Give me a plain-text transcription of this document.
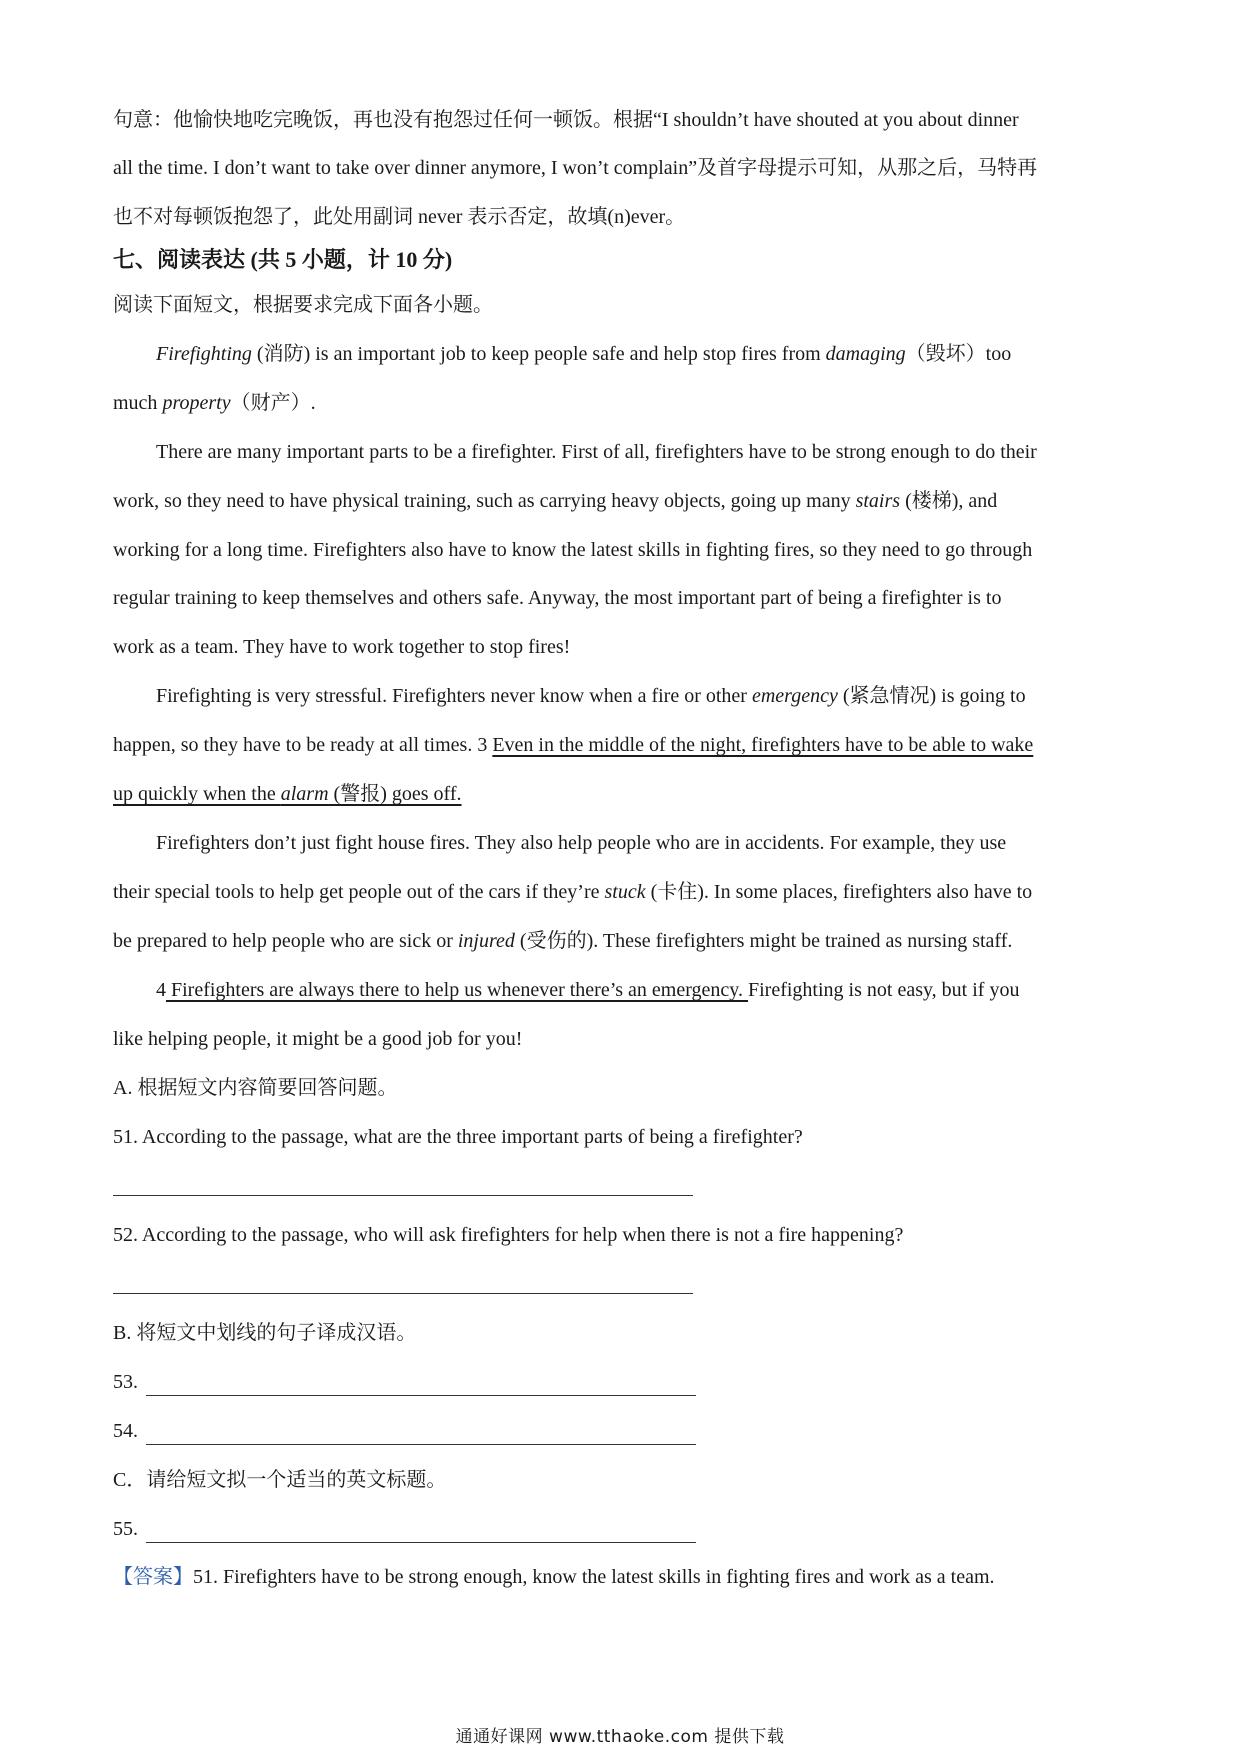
句意：他愉快地吃完晚饭，再也没有抱怨过任何一顿饭。根据“I shouldn’t have shouted at you about dinner
all the time. I don’t want to take over dinner anymore, I won’t complain”及首字母提示可知，从那之后，马特再
也不对每顿饭抱怨了，此处用副词 never 表示否定，故填(n)ever。
七、阅读表达 (共 5 小题，计 10 分)
阅读下面短文，根据要求完成下面各小题。
Firefighting (消防) is an important job to keep people safe and help stop fires from damaging（毁坏）too
much property（财产）.
There are many important parts to be a firefighter. First of all, firefighters have to be strong enough to do their
work, so they need to have physical training, such as carrying heavy objects, going up many stairs (楼梯), and
working for a long time. Firefighters also have to know the latest skills in fighting fires, so they need to go through
regular training to keep themselves and others safe. Anyway, the most important part of being a firefighter is to
work as a team. They have to work together to stop fires!
Firefighting is very stressful. Firefighters never know when a fire or other emergency (紧急情况) is going to
happen, so they have to be ready at all times. 3 Even in the middle of the night, firefighters have to be able to wake
up quickly when the alarm (警报) goes off.
Firefighters don’t just fight house fires. They also help people who are in accidents. For example, they use
their special tools to help get people out of the cars if they’re stuck (卡住). In some places, firefighters also have to
be prepared to help people who are sick or injured (受伤的). These firefighters might be trained as nursing staff.
4 Firefighters are always there to help us whenever there’s an emergency. Firefighting is not easy, but if you
like helping people, it might be a good job for you!
A. 根据短文内容简要回答问题。
51. According to the passage, what are the three important parts of being a firefighter?
52. According to the passage, who will ask firefighters for help when there is not a fire happening?
B. 将短文中划线的句子译成汉语。
53.
54.
C．请给短文拟一个适当的英文标题。
55.
【答案】51. Firefighters have to be strong enough, know the latest skills in fighting fires and work as a team.
通通好课网 www.tthaoke.com 提供下载
